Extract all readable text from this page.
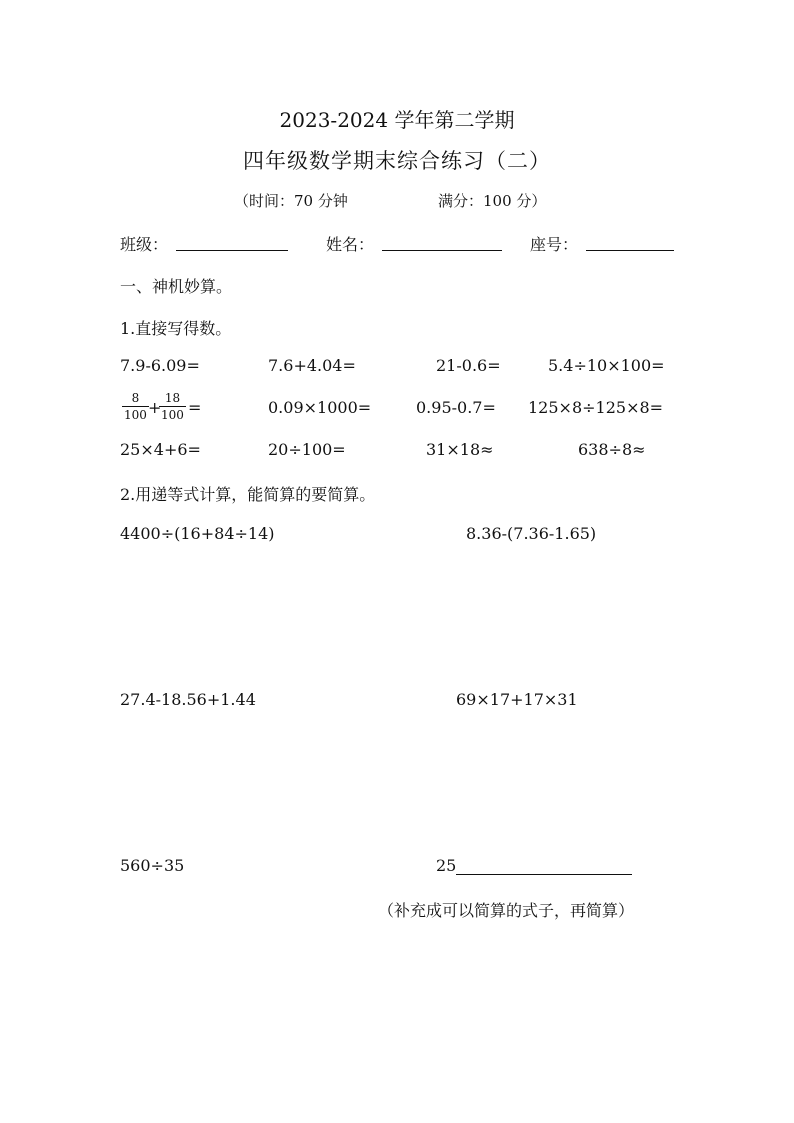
2023-2024 学年第二学期
四年级数学期末综合练习（二）
（时间：70 分钟	满分：100 分）
班级：	姓名：	座号：
一、神机妙算。
1.直接写得数。
7.9-6.09=	7.6+4.04=	21-0.6=	5.4÷10×100=
8
100 + 18
100 =	0.09×1000=	0.95-0.7= 125×8÷125×8=
25×4+6=	20÷100=	31×18≈	638÷8≈
2.用递等式计算，能简算的要简算。
4400÷(16+84÷14)	8.36-(7.36-1.65)
27.4-18.56+1.44	69×17+17×31
560÷35	25
（补充成可以简算的式子，再简算）
